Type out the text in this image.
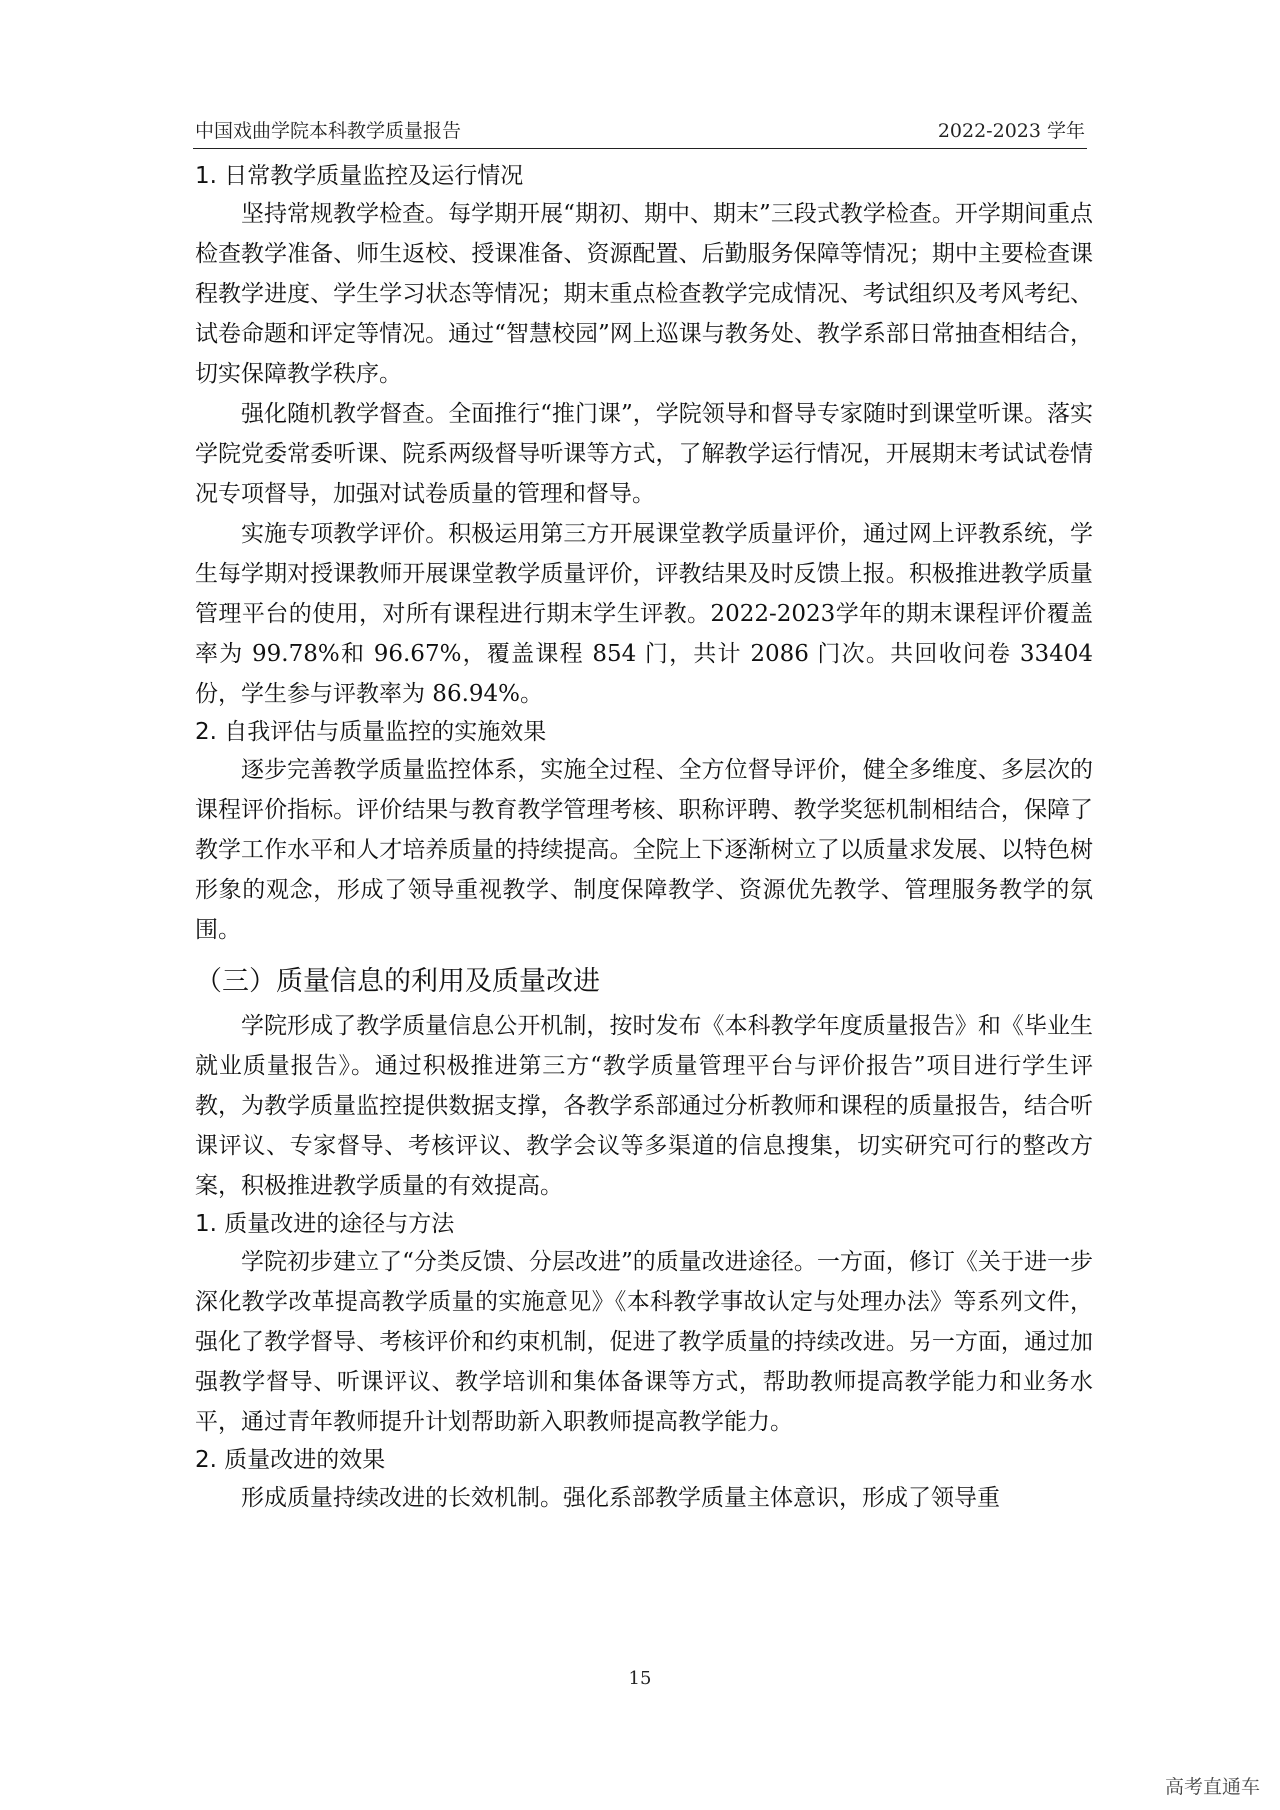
中国戏曲学院本科教学质量报告	2022-2023 学年
1. 日常教学质量监控及运行情况

坚持常规教学检查。每学期开展“期初、期中、期末”三段式教学检查。开学期间重点检查教学准备、师生返校、授课准备、资源配置、后勤服务保障等情况；期中主要检查课程教学进度、学生学习状态等情况；期末重点检查教学完成情况、考试组织及考风考纪、试卷命题和评定等情况。通过“智慧校园”网上巡课与教务处、教学系部日常抽查相结合，切实保障教学秩序。

强化随机教学督查。全面推行“推门课”，学院领导和督导专家随时到课堂听课。落实学院党委常委听课、院系两级督导听课等方式，了解教学运行情况，开展期末考试试卷情况专项督导，加强对试卷质量的管理和督导。

实施专项教学评价。积极运用第三方开展课堂教学质量评价，通过网上评教系统，学生每学期对授课教师开展课堂教学质量评价，评教结果及时反馈上报。积极推进教学质量管理平台的使用，对所有课程进行期末学生评教。2022-2023学年的期末课程评价覆盖率为 99.78%和 96.67%，覆盖课程 854 门，共计 2086 门次。共回收问卷 33404 份，学生参与评教率为 86.94%。

2. 自我评估与质量监控的实施效果

逐步完善教学质量监控体系，实施全过程、全方位督导评价，健全多维度、多层次的课程评价指标。评价结果与教育教学管理考核、职称评聘、教学奖惩机制相结合，保障了教学工作水平和人才培养质量的持续提高。全院上下逐渐树立了以质量求发展、以特色树形象的观念，形成了领导重视教学、制度保障教学、资源优先教学、管理服务教学的氛围。

（三）质量信息的利用及质量改进

学院形成了教学质量信息公开机制，按时发布《本科教学年度质量报告》和《毕业生就业质量报告》。通过积极推进第三方“教学质量管理平台与评价报告”项目进行学生评教，为教学质量监控提供数据支撑，各教学系部通过分析教师和课程的质量报告，结合听课评议、专家督导、考核评议、教学会议等多渠道的信息搜集，切实研究可行的整改方案，积极推进教学质量的有效提高。

1. 质量改进的途径与方法

学院初步建立了“分类反馈、分层改进”的质量改进途径。一方面，修订《关于进一步深化教学改革提高教学质量的实施意见》《本科教学事故认定与处理办法》等系列文件，强化了教学督导、考核评价和约束机制，促进了教学质量的持续改进。另一方面，通过加强教学督导、听课评议、教学培训和集体备课等方式，帮助教师提高教学能力和业务水平，通过青年教师提升计划帮助新入职教师提高教学能力。

2. 质量改进的效果

形成质量持续改进的长效机制。强化系部教学质量主体意识，形成了领导重

15
高考直通车
